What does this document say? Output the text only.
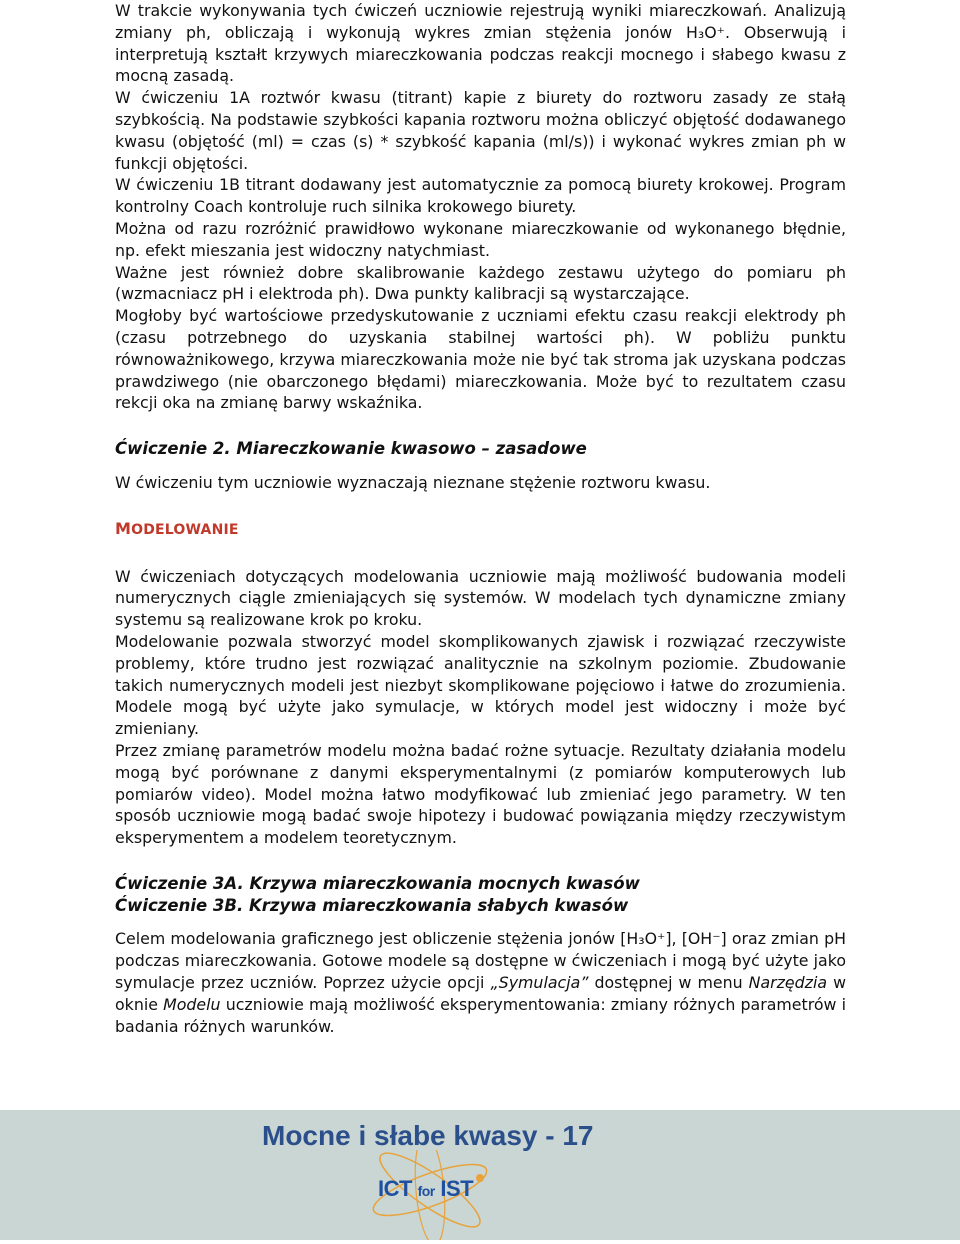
W trakcie wykonywania tych ćwiczeń uczniowie rejestrują wyniki miareczkowań. Analizują zmiany ph, obliczają i wykonują wykres zmian stężenia jonów H₃O⁺. Obserwują i interpretują kształt krzywych miareczkowania podczas reakcji mocnego i słabego kwasu z mocną zasadą.

W ćwiczeniu 1A roztwór kwasu (titrant) kapie z biurety do roztworu zasady ze stałą szybkością. Na podstawie szybkości kapania roztworu można obliczyć objętość dodawanego kwasu (objętość (ml) = czas (s) * szybkość kapania (ml/s)) i wykonać wykres zmian ph w funkcji objętości.

W ćwiczeniu 1B titrant dodawany jest automatycznie za pomocą biurety krokowej. Program kontrolny Coach kontroluje ruch silnika krokowego biurety.

Można od razu rozróżnić prawidłowo wykonane miareczkowanie od wykonanego błędnie, np. efekt mieszania jest widoczny natychmiast.

Ważne jest również dobre skalibrowanie każdego zestawu użytego do pomiaru ph (wzmacniacz pH i elektroda ph). Dwa punkty kalibracji są wystarczające.

Mogłoby być wartościowe przedyskutowanie z uczniami efektu czasu reakcji elektrody ph (czasu potrzebnego do uzyskania stabilnej wartości ph). W pobliżu punktu równoważnikowego, krzywa miareczkowania może nie być tak stroma jak uzyskana podczas prawdziwego (nie obarczonego błędami) miareczkowania. Może być to rezultatem czasu rekcji oka na zmianę barwy wskaźnika.

Ćwiczenie 2. Miareczkowanie kwasowo – zasadowe

W ćwiczeniu tym uczniowie wyznaczają nieznane stężenie roztworu kwasu.

MODELOWANIE

W ćwiczeniach dotyczących modelowania uczniowie mają możliwość budowania modeli numerycznych ciągle zmieniających się systemów. W modelach tych dynamiczne zmiany systemu są realizowane krok po kroku.

Modelowanie pozwala stworzyć model skomplikowanych zjawisk i rozwiązać rzeczywiste problemy, które trudno jest rozwiązać analitycznie na szkolnym poziomie. Zbudowanie takich numerycznych modeli jest niezbyt skomplikowane pojęciowo i łatwe do zrozumienia. Modele mogą być użyte jako symulacje, w których model jest widoczny i może być zmieniany.

Przez zmianę parametrów modelu można badać rożne sytuacje. Rezultaty działania modelu mogą być porównane z danymi eksperymentalnymi (z pomiarów komputerowych lub pomiarów video). Model można łatwo modyfikować lub zmieniać jego parametry. W ten sposób uczniowie mogą badać swoje hipotezy i budować powiązania między rzeczywistym eksperymentem a modelem teoretycznym.

Ćwiczenie 3A. Krzywa miareczkowania mocnych kwasów

Ćwiczenie 3B. Krzywa miareczkowania słabych kwasów

Celem modelowania graficznego jest obliczenie stężenia jonów [H₃O⁺], [OH⁻] oraz zmian pH podczas miareczkowania. Gotowe modele są dostępne w ćwiczeniach i mogą być użyte jako symulacje przez uczniów. Poprzez użycie opcji „Symulacja” dostępnej w menu Narzędzia w oknie Modelu uczniowie mają możliwość eksperymentowania: zmiany różnych parametrów i badania różnych warunków.

Mocne i słabe kwasy - 17
ICT for IST
